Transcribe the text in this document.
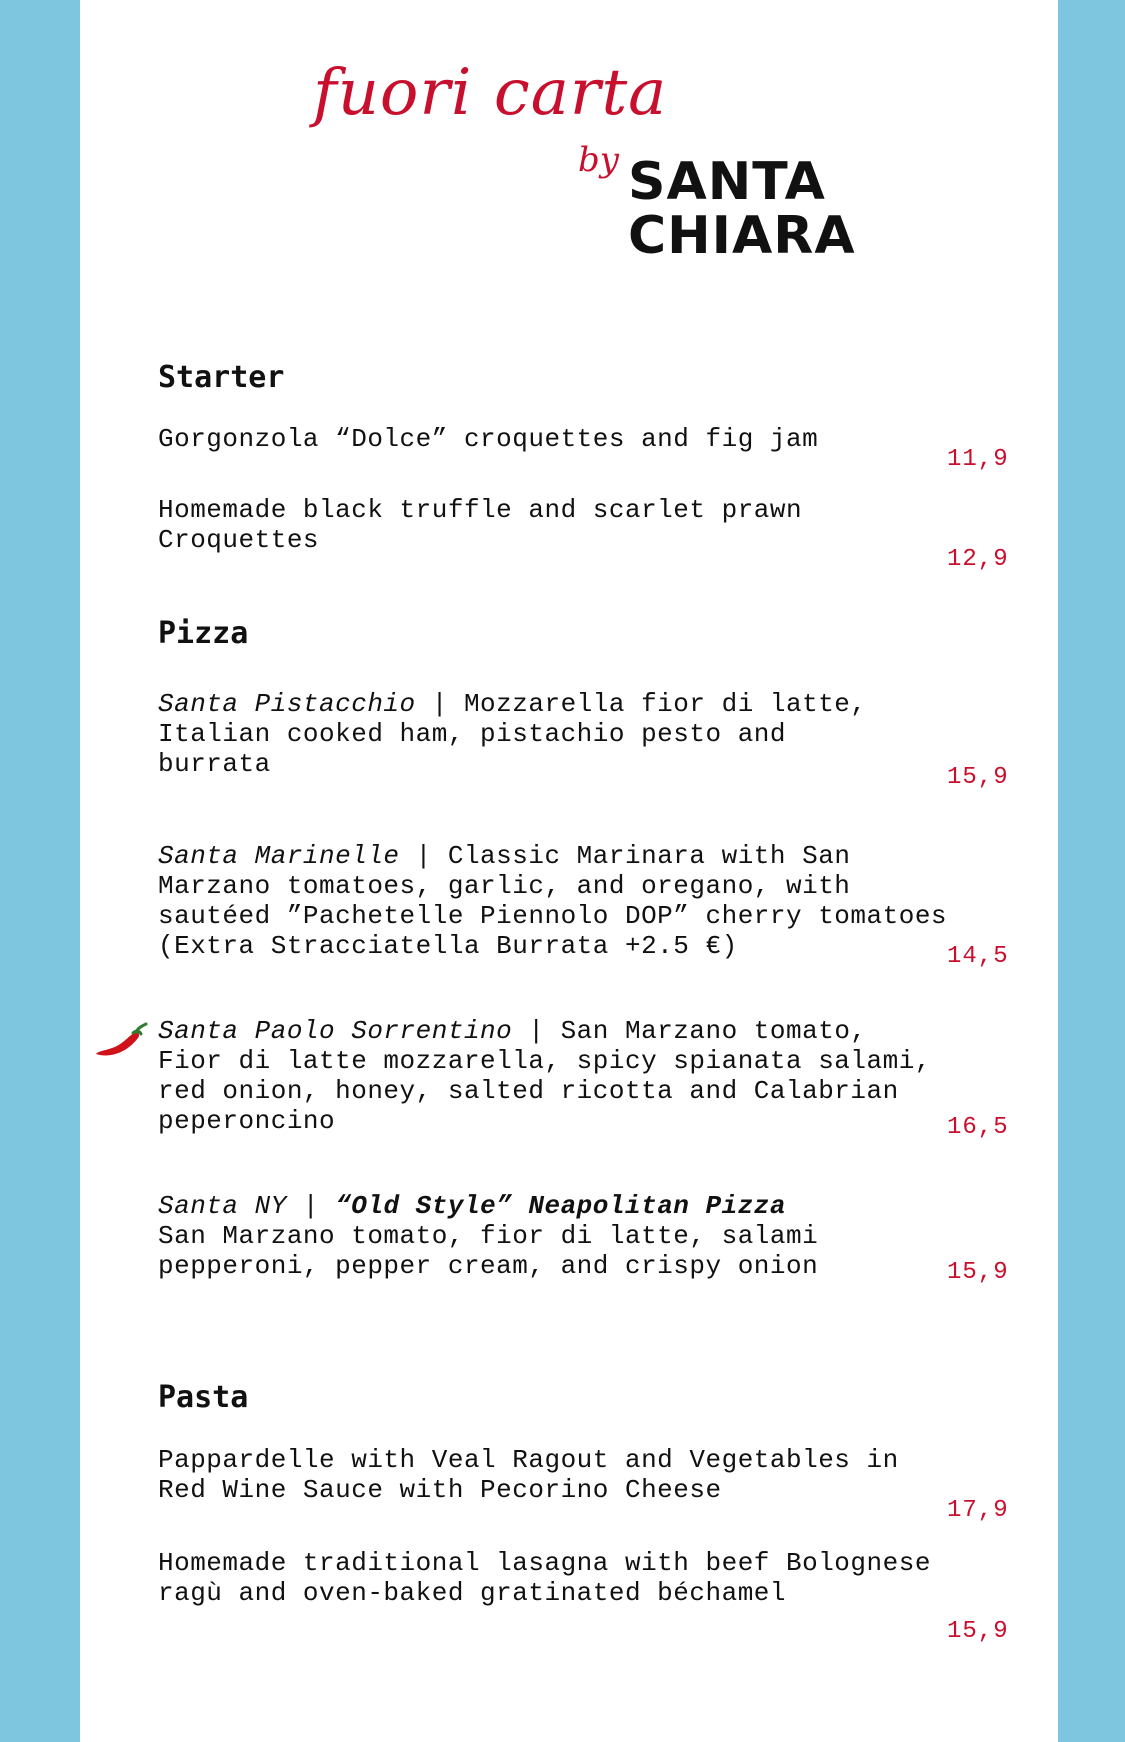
fuori carta
by SANTA
CHIARA
Starter
Gorgonzola “Dolce” croquettes and fig jam
11,9
Homemade black truffle and scarlet prawn
Croquettes
12,9
Pizza
Santa Pistacchio | Mozzarella fior di latte,
Italian cooked ham, pistachio pesto and
burrata	15,9
Santa Marinelle | Classic Marinara with San
Marzano tomatoes, garlic, and oregano, with
sautéed ”Pachetelle Piennolo DOP” cherry tomatoes
(Extra Stracciatella Burrata +2.5 €)	14,5
Santa Paolo Sorrentino | San Marzano tomato,
Fior di latte mozzarella, spicy spianata salami,
red onion, honey, salted ricotta and Calabrian
peperoncino	16,5
Santa NY | “Old Style” Neapolitan Pizza
San Marzano tomato, fior di latte, salami
pepperoni, pepper cream, and crispy onion	15,9
Pasta
Pappardelle with Veal Ragout and Vegetables in
Red Wine Sauce with Pecorino Cheese
17,9
Homemade traditional lasagna with beef Bolognese
ragù and oven-baked gratinated béchamel
15,9
